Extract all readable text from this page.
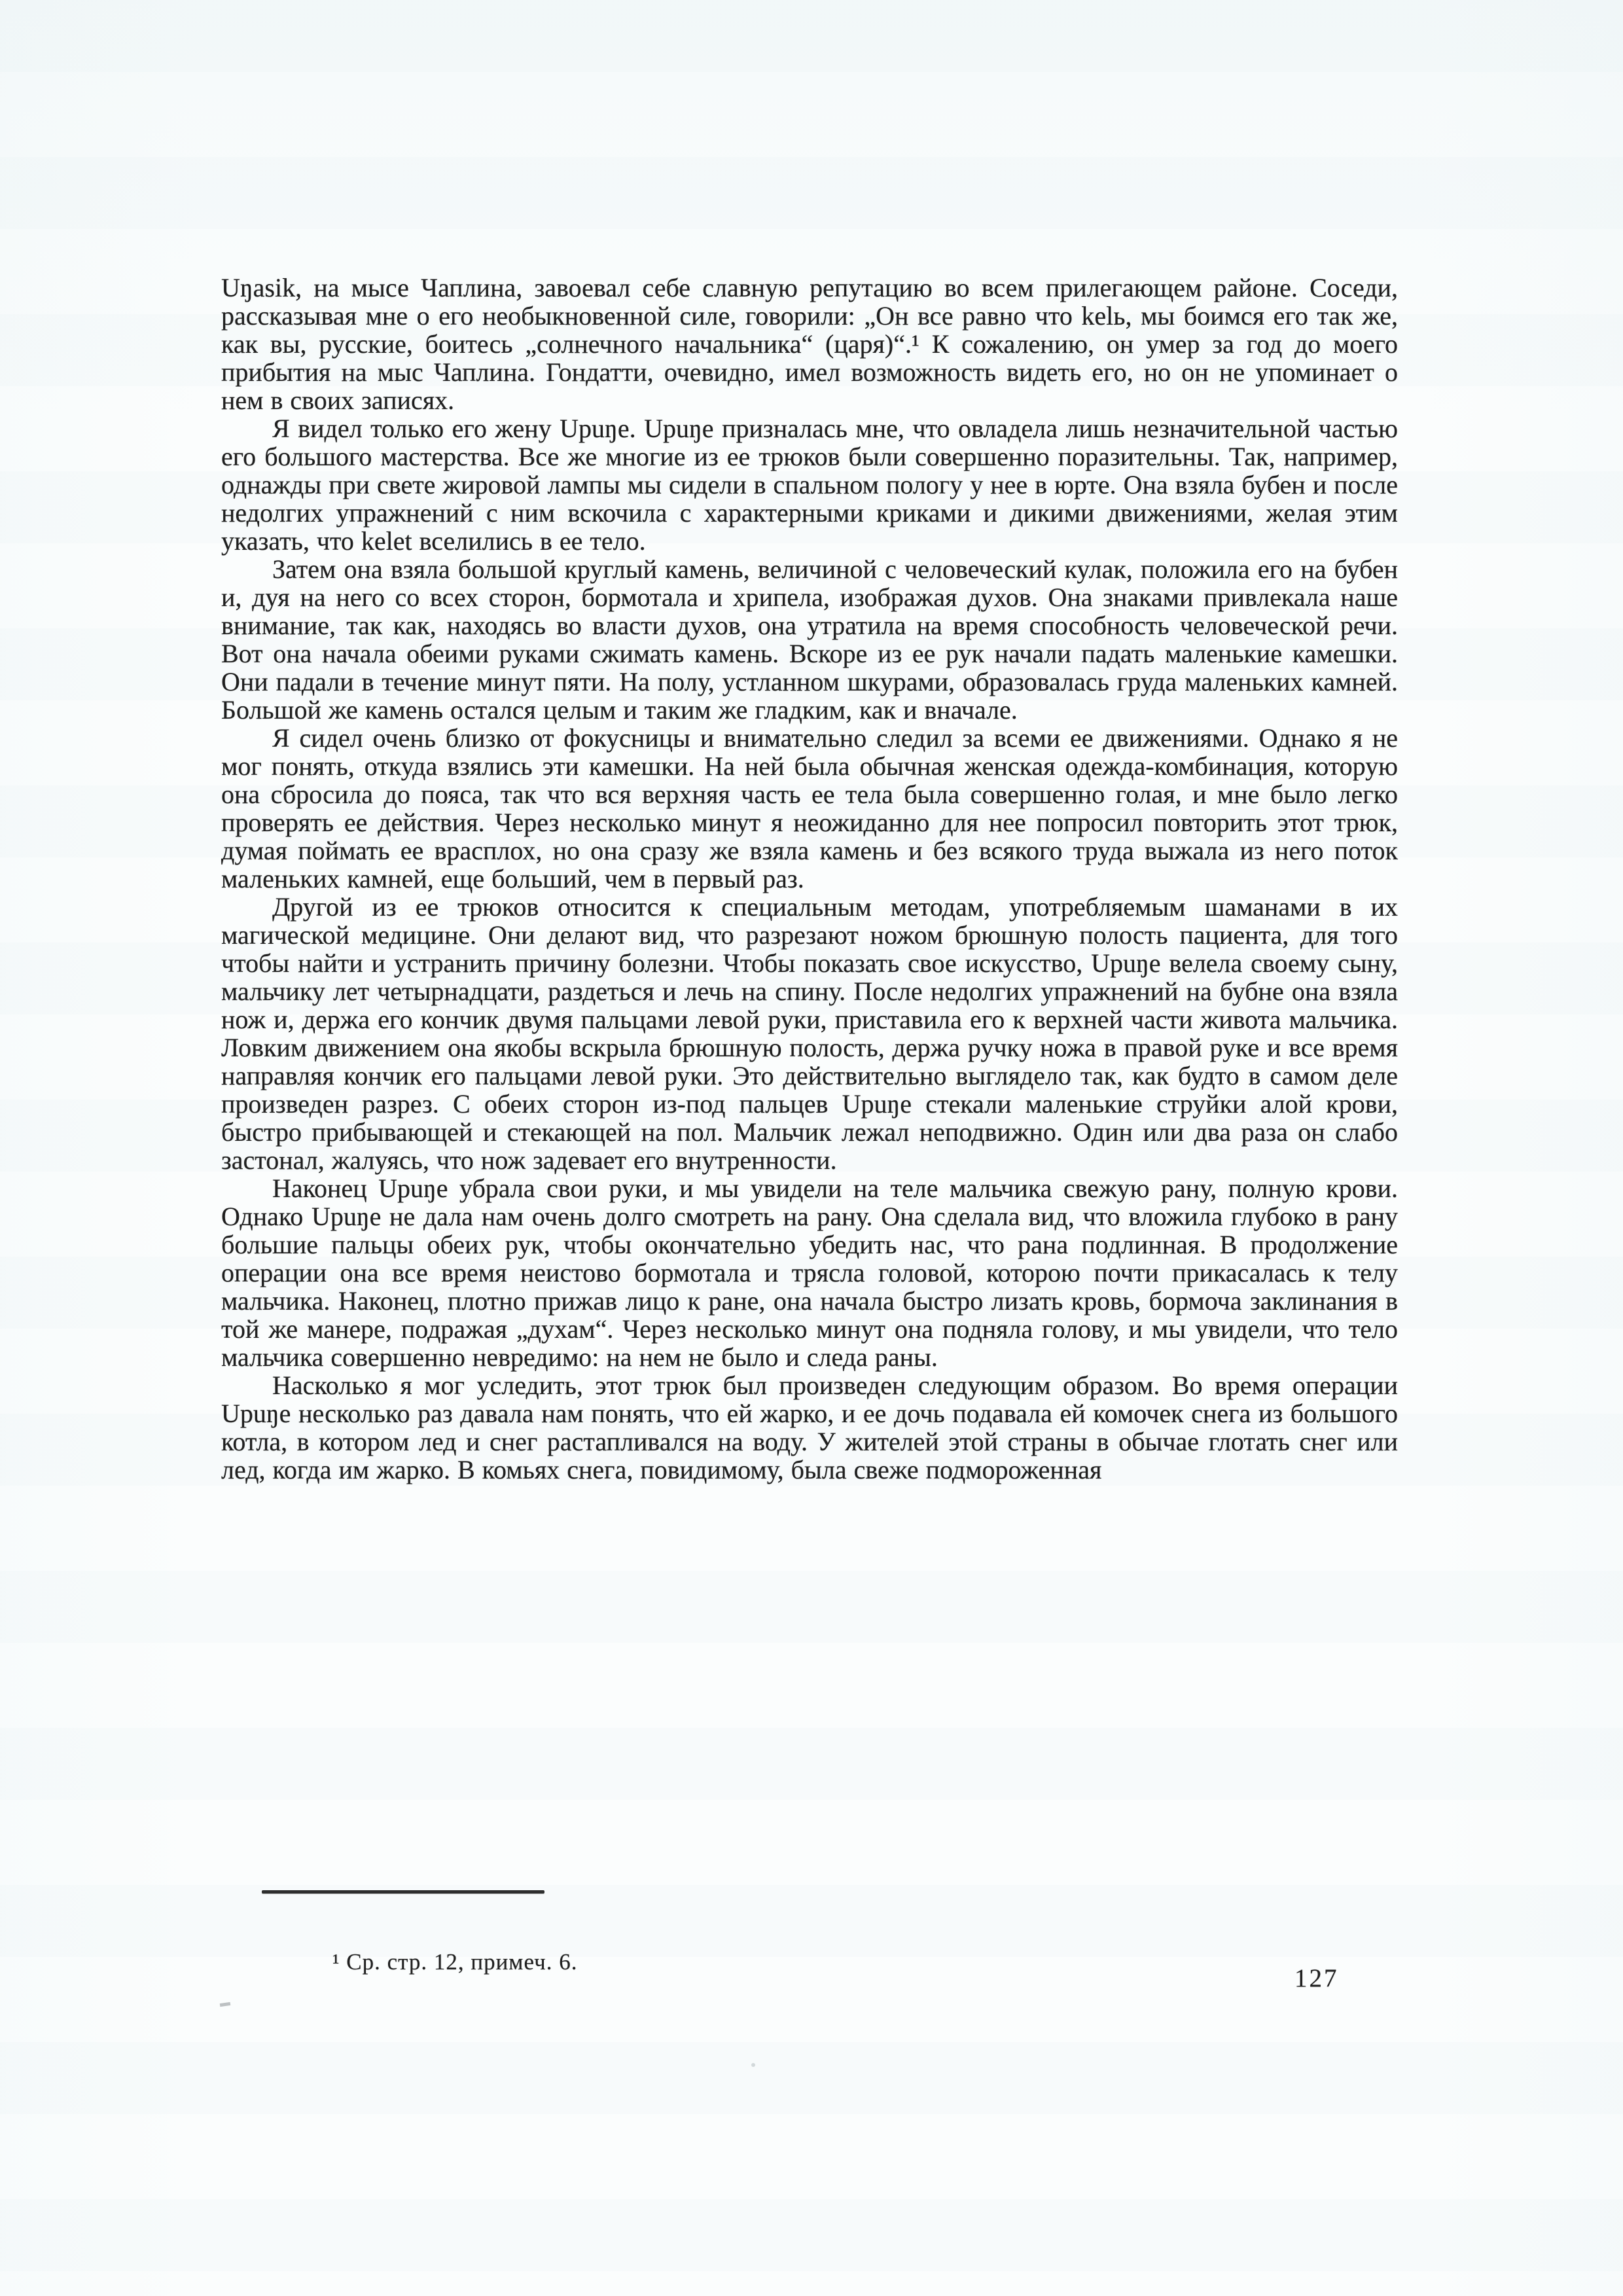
Uŋasik, на мысе Чаплина, завоевал себе славную репутацию во всем прилегающем районе. Соседи, рассказывая мне о его необыкновенной силе, говорили: „Он все равно что kelь, мы боимся его так же, как вы, русские, боитесь „солнечного начальника“ (царя)“.¹ К сожалению, он умер за год до моего прибытия на мыс Чаплина. Гондатти, очевидно, имел возможность видеть его, но он не упоминает о нем в своих записях.

Я видел только его жену Upuŋe. Upuŋe призналась мне, что овладела лишь незначительной частью его большого мастерства. Все же многие из ее трюков были совершенно поразительны. Так, например, однажды при свете жировой лампы мы сидели в спальном пологу у нее в юрте. Она взяла бубен и после недолгих упражнений с ним вскочила с характерными криками и дикими движениями, желая этим указать, что kelet вселились в ее тело.

Затем она взяла большой круглый камень, величиной с человеческий кулак, положила его на бубен и, дуя на него со всех сторон, бормотала и хрипела, изображая духов. Она знаками привлекала наше внимание, так как, находясь во власти духов, она утратила на время способность человеческой речи. Вот она начала обеими руками сжимать камень. Вскоре из ее рук начали падать маленькие камешки. Они падали в течение минут пяти. На полу, устланном шкурами, образовалась груда маленьких камней. Большой же камень остался целым и таким же гладким, как и вначале.

Я сидел очень близко от фокусницы и внимательно следил за всеми ее движениями. Однако я не мог понять, откуда взялись эти камешки. На ней была обычная женская одежда-комбинация, которую она сбросила до пояса, так что вся верхняя часть ее тела была совершенно голая, и мне было легко проверять ее действия. Через несколько минут я неожиданно для нее попросил повторить этот трюк, думая поймать ее врасплох, но она сразу же взяла камень и без всякого труда выжала из него поток маленьких камней, еще больший, чем в первый раз.

Другой из ее трюков относится к специальным методам, употребляемым шаманами в их магической медицине. Они делают вид, что разрезают ножом брюшную полость пациента, для того чтобы найти и устранить причину болезни. Чтобы показать свое искусство, Upuŋe велела своему сыну, мальчику лет четырнадцати, раздеться и лечь на спину. После недолгих упражнений на бубне она взяла нож и, держа его кончик двумя пальцами левой руки, приставила его к верхней части живота мальчика. Ловким движением она якобы вскрыла брюшную полость, держа ручку ножа в правой руке и все время направляя кончик его пальцами левой руки. Это действительно выглядело так, как будто в самом деле произведен разрез. С обеих сторон из-под пальцев Upuŋe стекали маленькие струйки алой крови, быстро прибывающей и стекающей на пол. Мальчик лежал неподвижно. Один или два раза он слабо застонал, жалуясь, что нож задевает его внутренности.

Наконец Upuŋe убрала свои руки, и мы увидели на теле мальчика свежую рану, полную крови. Однако Upuŋe не дала нам очень долго смотреть на рану. Она сделала вид, что вложила глубоко в рану большие пальцы обеих рук, чтобы окончательно убедить нас, что рана подлинная. В продолжение операции она все время неистово бормотала и трясла головой, которою почти прикасалась к телу мальчика. Наконец, плотно прижав лицо к ране, она начала быстро лизать кровь, бормоча заклинания в той же манере, подражая „духам“. Через несколько минут она подняла голову, и мы увидели, что тело мальчика совершенно невредимо: на нем не было и следа раны.

Насколько я мог уследить, этот трюк был произведен следующим образом. Во время операции Upuŋe несколько раз давала нам понять, что ей жарко, и ее дочь подавала ей комочек снега из большого котла, в котором лед и снег растапливался на воду. У жителей этой страны в обычае глотать снег или лед, когда им жарко. В комьях снега, повидимому, была свеже подмороженная

¹ Ср. стр. 12, примеч. 6.
127
